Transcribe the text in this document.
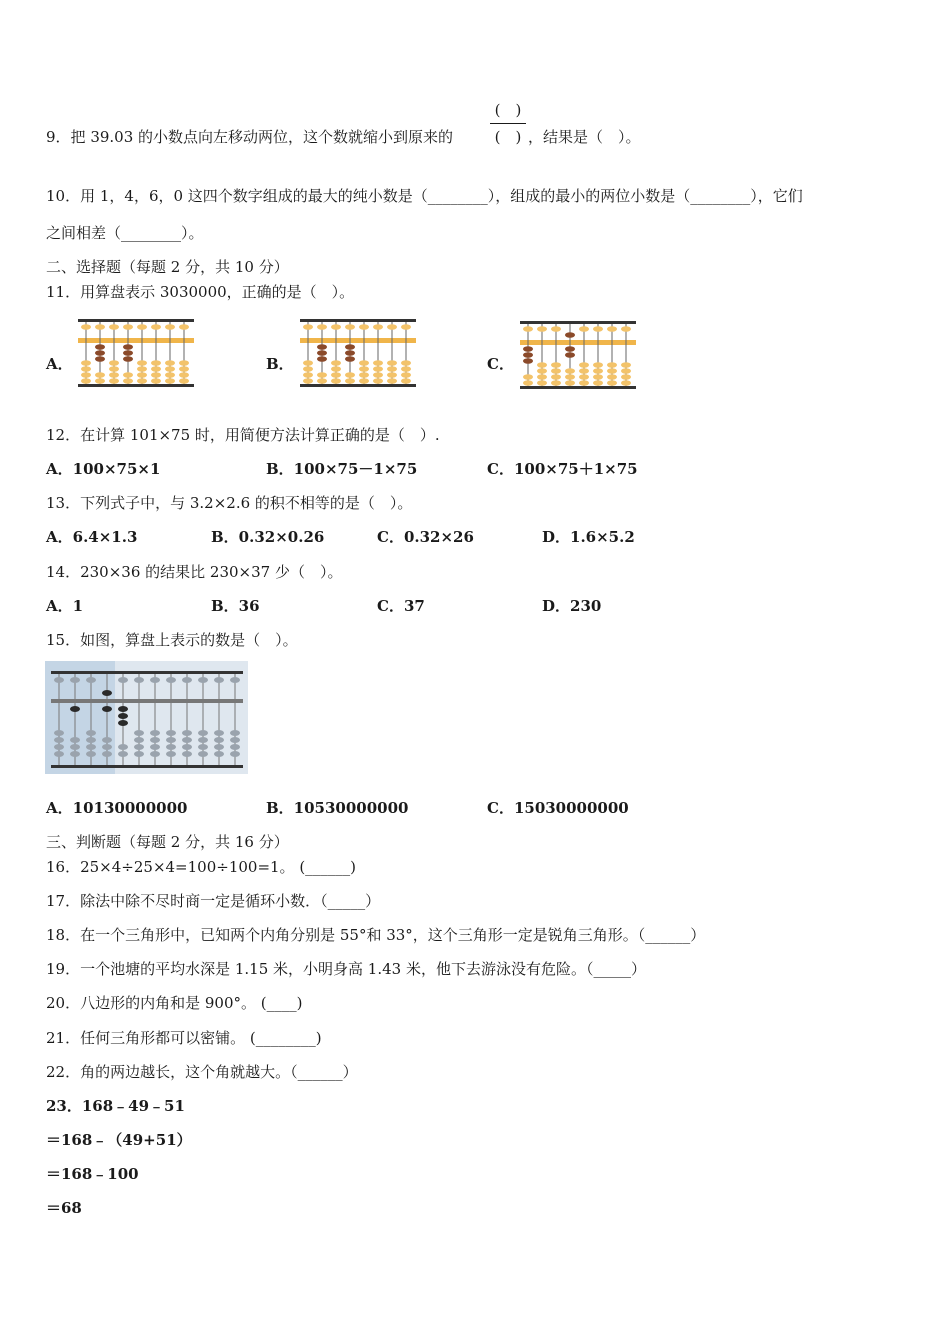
9．把 39.03 的小数点向左移动两位，这个数就缩小到原来的
(　)
(　) ，结果是（　）。
10．用 1，4，6，0 这四个数字组成的最大的纯小数是（________），组成的最小的两位小数是（________），它们
之间相差（________）。
二、选择题（每题 2 分，共 10 分）
11．用算盘表示 3030000，正确的是（　）。
A．	B．	C．
12．在计算 101×75 时，用简便方法计算正确的是（　）.
A．100×75×1	B．100×75－1×75	C．100×75＋1×75
13．下列式子中，与 3.2×2.6 的积不相等的是（　）。
A．6.4×1.3	B．0.32×0.26	C．0.32×26	D．1.6×5.2
14．230×36 的结果比 230×37 少（　）。
A．1	B．36	C．37	D．230
15．如图，算盘上表示的数是（　）。
A．10130000000	B．10530000000	C．15030000000
三、判断题（每题 2 分，共 16 分）
16．25×4÷25×4=100÷100=1。 (______)
17．除法中除不尽时商一定是循环小数．（_____）
18．在一个三角形中，已知两个内角分别是 55°和 33°，这个三角形一定是锐角三角形。（______）
19．一个池塘的平均水深是 1.15 米，小明身高 1.43 米，他下去游泳没有危险。（_____）
20．八边形的内角和是 900°。 (____)
21．任何三角形都可以密铺。 (________)
22．角的两边越长，这个角就越大。（______）
23．168﹣49﹣51
＝168﹣（49+51）
＝168﹣100
＝68
